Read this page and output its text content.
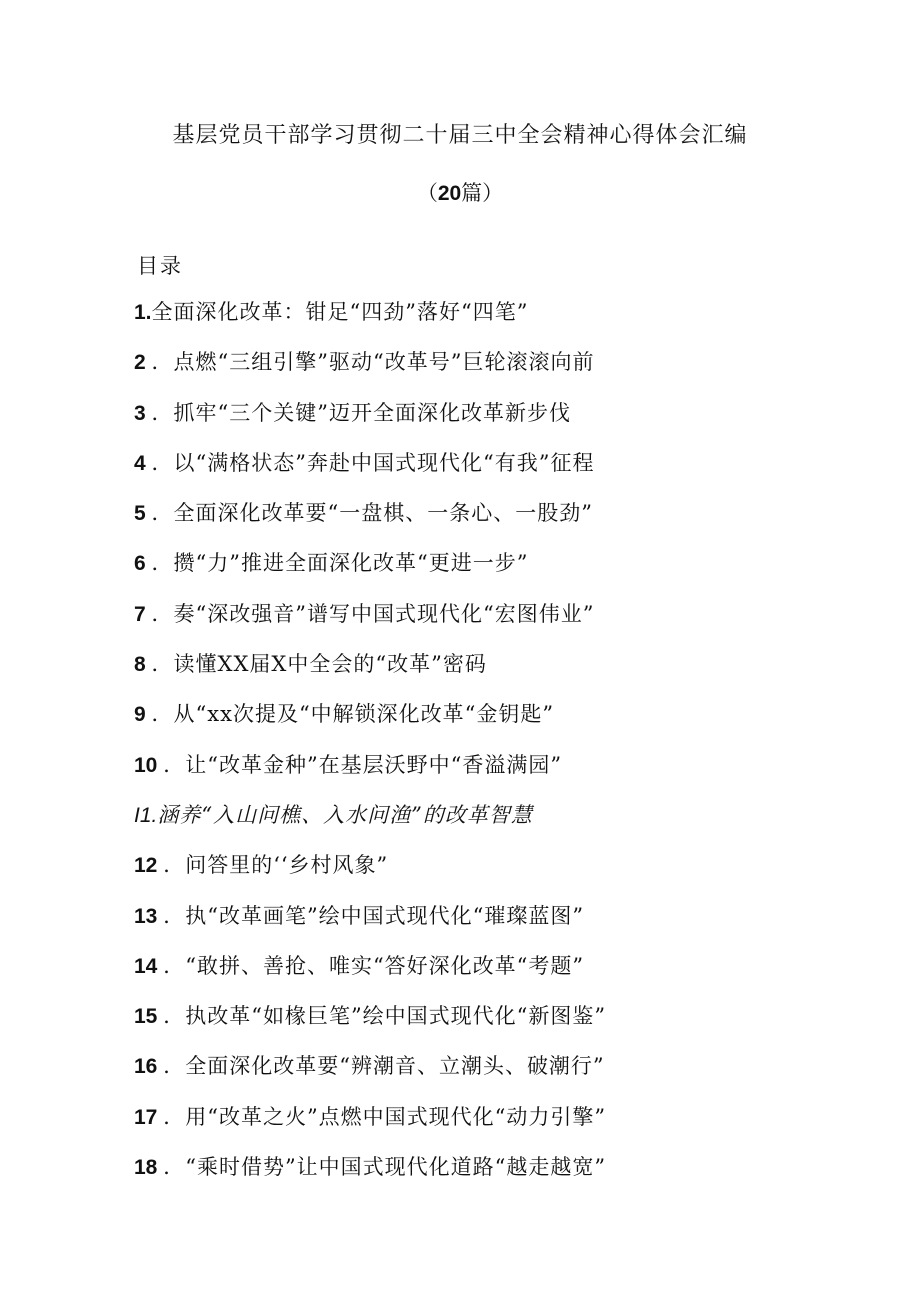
基层党员干部学习贯彻二十届三中全会精神心得体会汇编
（20篇）
目录
1.全面深化改革：钳足“四劲”落好“四笔”
2 ．点燃“三组引擎”驱动“改革号”巨轮滚滚向前
3 ．抓牢“三个关键”迈开全面深化改革新步伐
4 ．以“满格状态”奔赴中国式现代化“有我”征程
5 ．全面深化改革要“一盘棋、一条心、一股劲”
6 ．攒“力”推进全面深化改革“更进一步”
7 ．奏“深改强音”谱写中国式现代化“宏图伟业”
8 ．读懂XX届X中全会的“改革”密码
9 ．从“xx次提及“中解锁深化改革“金钥匙”
10 ．让“改革金种”在基层沃野中“香溢满园”
I1.涵养“入山问樵、入水问渔”的改革智慧
12 ．问答里的‘‘乡村风象”
13 ．执“改革画笔”绘中国式现代化“璀璨蓝图”
14 ．“敢拼、善抢、唯实“答好深化改革“考题”
15 ．执改革“如椽巨笔”绘中国式现代化“新图鉴”
16 ．全面深化改革要“辨潮音、立潮头、破潮行”
17 ．用“改革之火”点燃中国式现代化“动力引擎”
18 ．“乘时借势”让中国式现代化道路“越走越宽”
